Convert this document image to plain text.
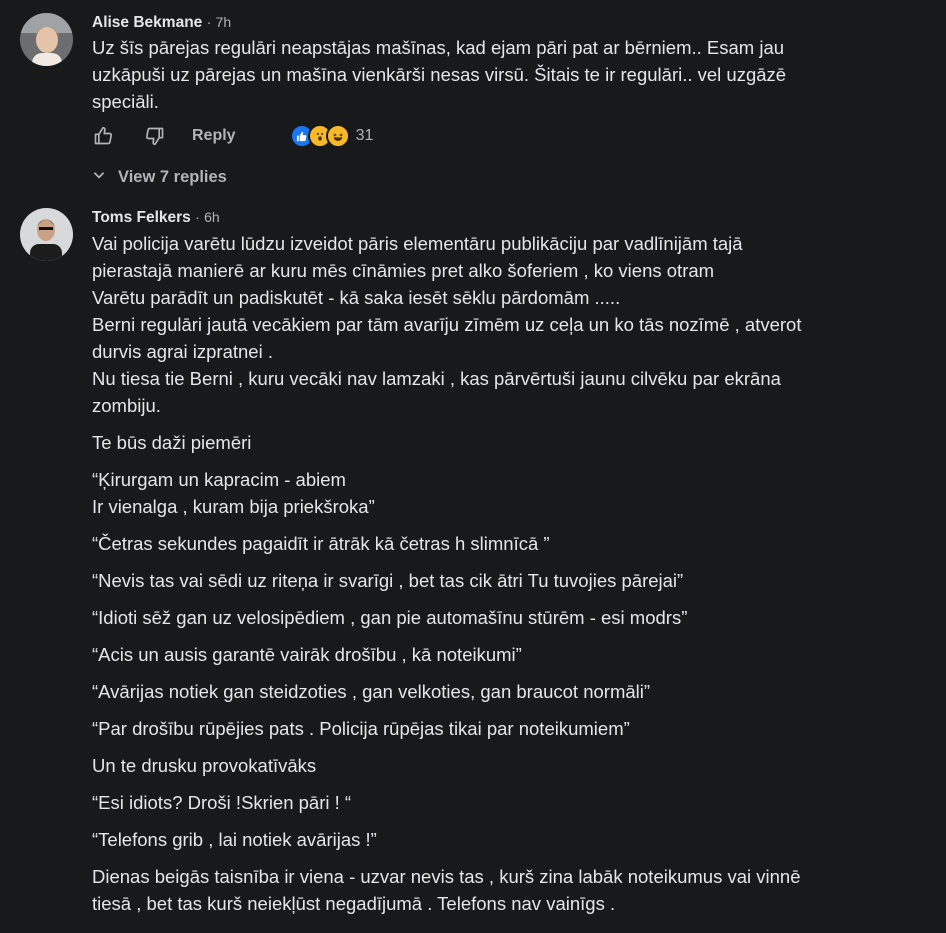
Alise Bekmane · 7h

Uz šīs pārejas regulāri neapstājas mašīnas, kad ejam pāri pat ar bērniem.. Esam jau

uzkāpuši uz pārejas un mašīna vienkārši nesas virsū. Šitais te ir regulāri.. vel uzgāzē

speciāli.

Reply	31
View 7 replies
Toms Felkers · 6h

Vai policija varētu lūdzu izveidot pāris elementāru publikāciju par vadlīnijām tajā

pierastajā manierē ar kuru mēs cīnāmies pret alko šoferiem , ko viens otram

Varētu parādīt un padiskutēt - kā saka iesēt sēklu pārdomām .....

Berni regulāri jautā vecākiem par tām avarīju zīmēm uz ceļa un ko tās nozīmē , atverot

durvis agrai izpratnei .

Nu tiesa tie Berni , kuru vecāki nav lamzaki , kas pārvērtuši jaunu cilvēku par ekrāna

zombiju.

Te būs daži piemēri

“Ķirurgam un kapracim - abiem

Ir vienalga , kuram bija priekšroka”

“Četras sekundes pagaidīt ir ātrāk kā četras h slimnīcā ”

“Nevis tas vai sēdi uz riteņa ir svarīgi , bet tas cik ātri Tu tuvojies pārejai”

“Idioti sēž gan uz velosipēdiem , gan pie automašīnu stūrēm - esi modrs”

“Acis un ausis garantē vairāk drošību , kā noteikumi”

“Avārijas notiek gan steidzoties , gan velkoties, gan braucot normāli”

“Par drošību rūpējies pats . Policija rūpējas tikai par noteikumiem”

Un te drusku provokatīvāks

“Esi idiots? Droši !Skrien pāri ! “

“Telefons grib , lai notiek avārijas !”

Dienas beigās taisnība ir viena - uzvar nevis tas , kurš zina labāk noteikumus vai vinnē

tiesā , bet tas kurš neiekļūst negadījumā . Telefons nav vainīgs .
